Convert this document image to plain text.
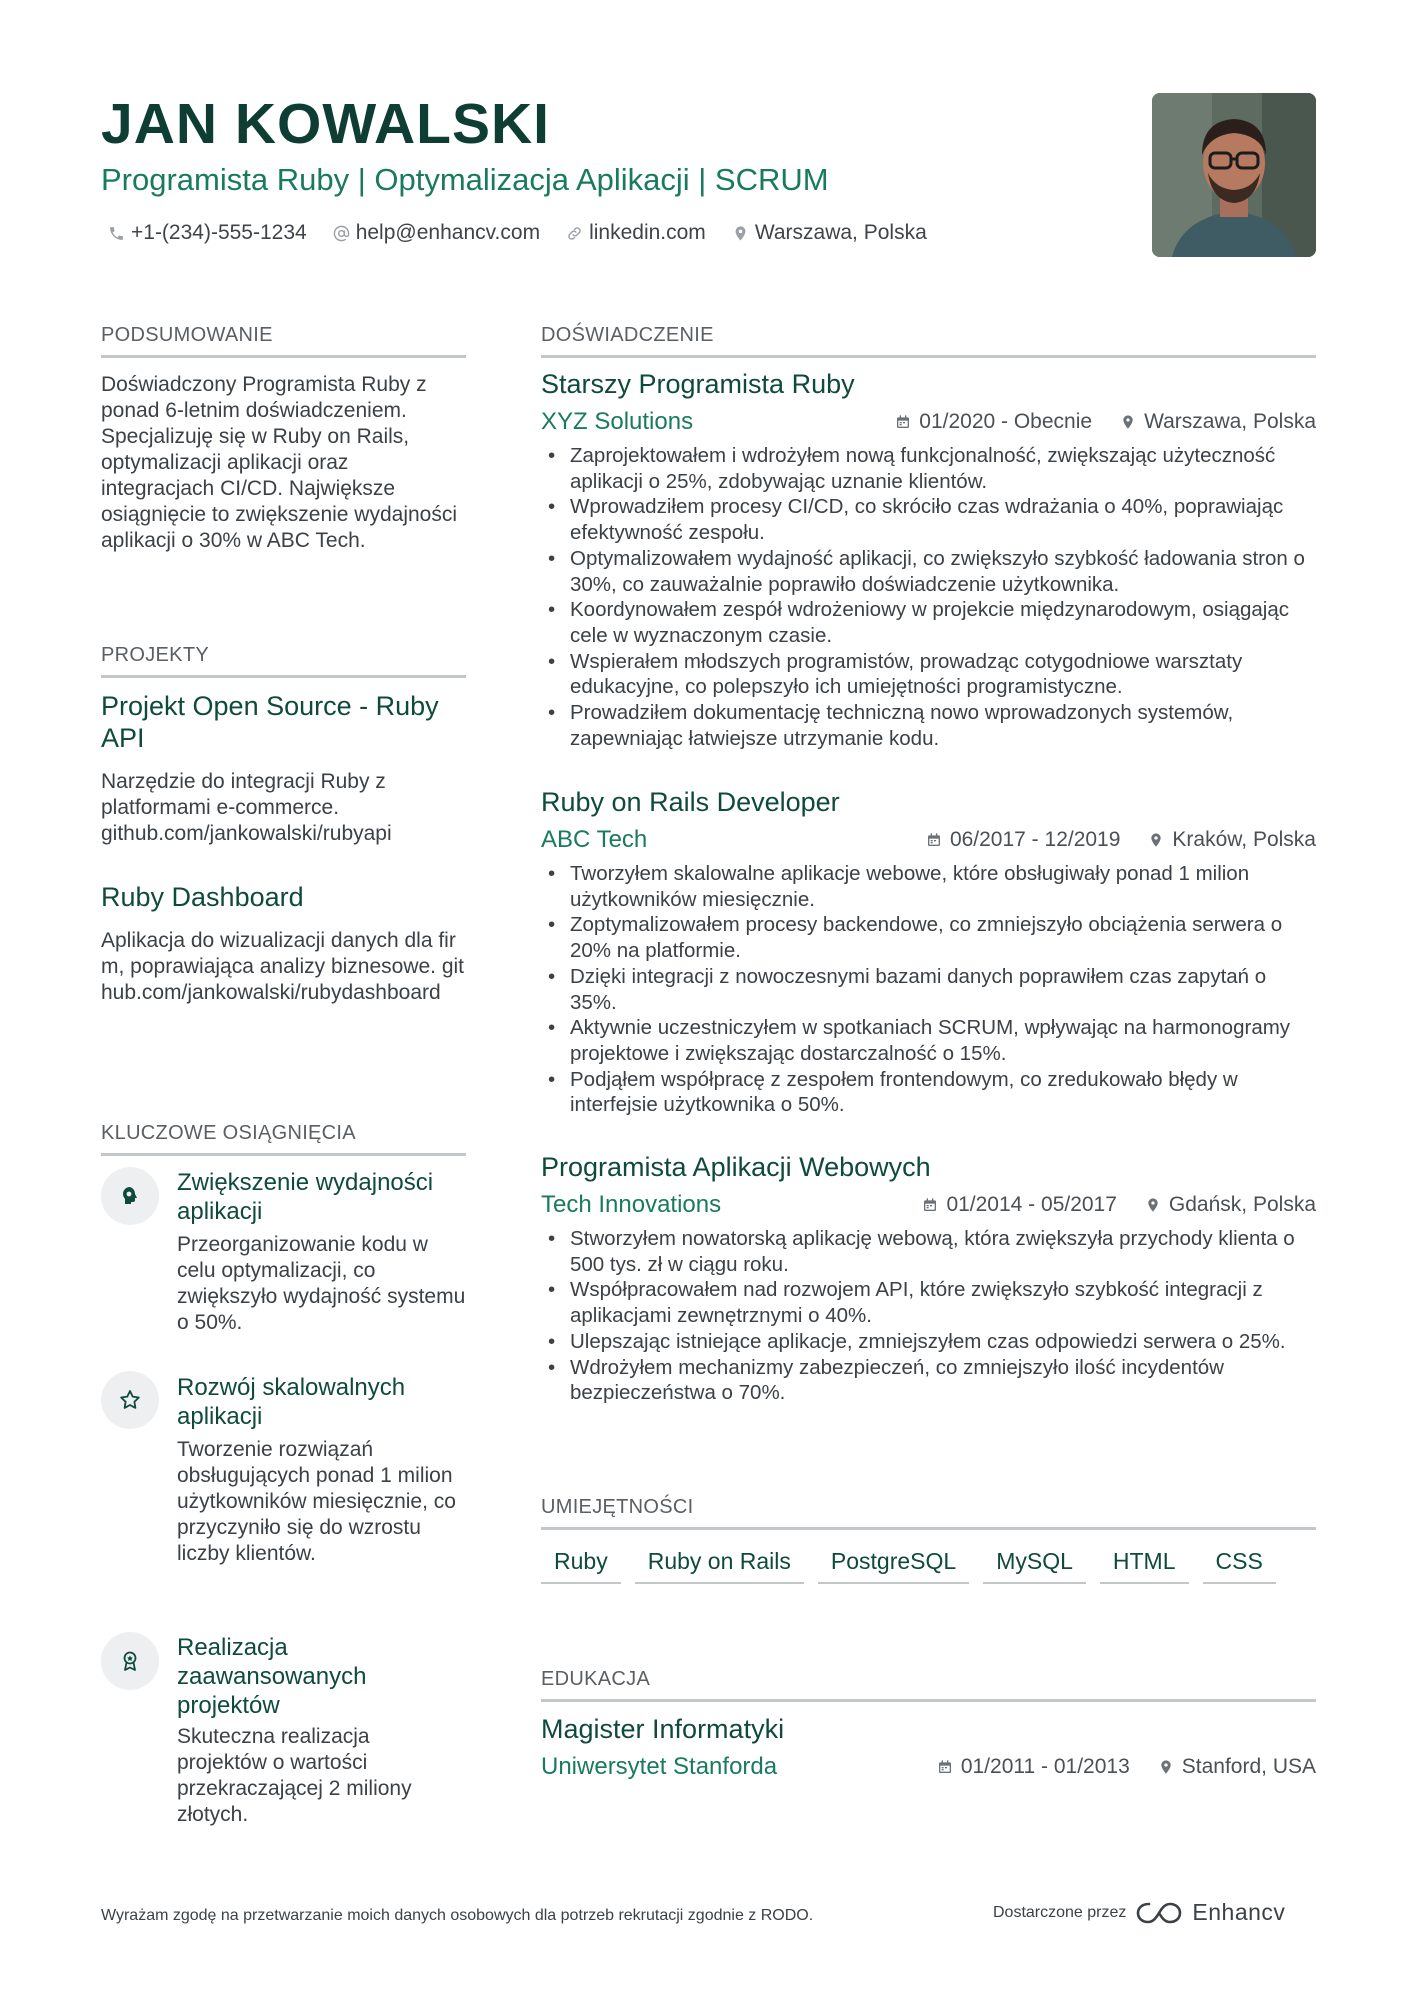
JAN KOWALSKI
Programista Ruby | Optymalizacja Aplikacji | SCRUM
+1-(234)-555-1234 help@enhancv.com linkedin.com Warszawa, Polska
PODSUMOWANIE
Doświadczony Programista Ruby z ponad 6-letnim doświadczeniem. Specjalizuję się w Ruby on Rails, optymalizacji aplikacji oraz integracjach CI/CD. Największe osiągnięcie to zwiększenie wydajności aplikacji o 30% w ABC Tech.
PROJEKTY
Projekt Open Source - Ruby API
Narzędzie do integracji Ruby z platformami e-commerce. github.com/jankowalski/rubyapi
Ruby Dashboard
Aplikacja do wizualizacji danych dla firm, poprawiająca analizy biznesowe. github.com/jankowalski/rubydashboard
KLUCZOWE OSIĄGNIĘCIA
Zwiększenie wydajności aplikacji
Przeorganizowanie kodu w celu optymalizacji, co zwiększyło wydajność systemu o 50%.
Rozwój skalowalnych aplikacji
Tworzenie rozwiązań obsługujących ponad 1 milion użytkowników miesięcznie, co przyczyniło się do wzrostu liczby klientów.
Realizacja zaawansowanych projektów
Skuteczna realizacja projektów o wartości przekraczającej 2 miliony złotych.
DOŚWIADCZENIE
Starszy Programista Ruby
XYZ Solutions	01/2020 - Obecnie Warszawa, Polska
• Zaprojektowałem i wdrożyłem nową funkcjonalność, zwiększając użyteczność aplikacji o 25%, zdobywając uznanie klientów.
• Wprowadziłem procesy CI/CD, co skróciło czas wdrażania o 40%, poprawiając efektywność zespołu.
• Optymalizowałem wydajność aplikacji, co zwiększyło szybkość ładowania stron o 30%, co zauważalnie poprawiło doświadczenie użytkownika.
• Koordynowałem zespół wdrożeniowy w projekcie międzynarodowym, osiągając cele w wyznaczonym czasie.
• Wspierałem młodszych programistów, prowadząc cotygodniowe warsztaty edukacyjne, co polepszyło ich umiejętności programistyczne.
• Prowadziłem dokumentację techniczną nowo wprowadzonych systemów, zapewniając łatwiejsze utrzymanie kodu.
Ruby on Rails Developer
ABC Tech	06/2017 - 12/2019 Kraków, Polska
• Tworzyłem skalowalne aplikacje webowe, które obsługiwały ponad 1 milion użytkowników miesięcznie.
• Zoptymalizowałem procesy backendowe, co zmniejszyło obciążenia serwera o 20% na platformie.
• Dzięki integracji z nowoczesnymi bazami danych poprawiłem czas zapytań o 35%.
• Aktywnie uczestniczyłem w spotkaniach SCRUM, wpływając na harmonogramy projektowe i zwiększając dostarczalność o 15%.
• Podjąłem współpracę z zespołem frontendowym, co zredukowało błędy w interfejsie użytkownika o 50%.
Programista Aplikacji Webowych
Tech Innovations	01/2014 - 05/2017 Gdańsk, Polska
• Stworzyłem nowatorską aplikację webową, która zwiększyła przychody klienta o 500 tys. zł w ciągu roku.
• Współpracowałem nad rozwojem API, które zwiększyło szybkość integracji z aplikacjami zewnętrznymi o 40%.
• Ulepszając istniejące aplikacje, zmniejszyłem czas odpowiedzi serwera o 25%.
• Wdrożyłem mechanizmy zabezpieczeń, co zmniejszyło ilość incydentów bezpieczeństwa o 70%.
UMIEJĘTNOŚCI
Ruby	Ruby on Rails	PostgreSQL	MySQL	HTML	CSS
EDUKACJA
Magister Informatyki
Uniwersytet Stanforda	01/2011 - 01/2013 Stanford, USA
Wyrażam zgodę na przetwarzanie moich danych osobowych dla potrzeb rekrutacji zgodnie z RODO.	Dostarczone przez	Enhancv
